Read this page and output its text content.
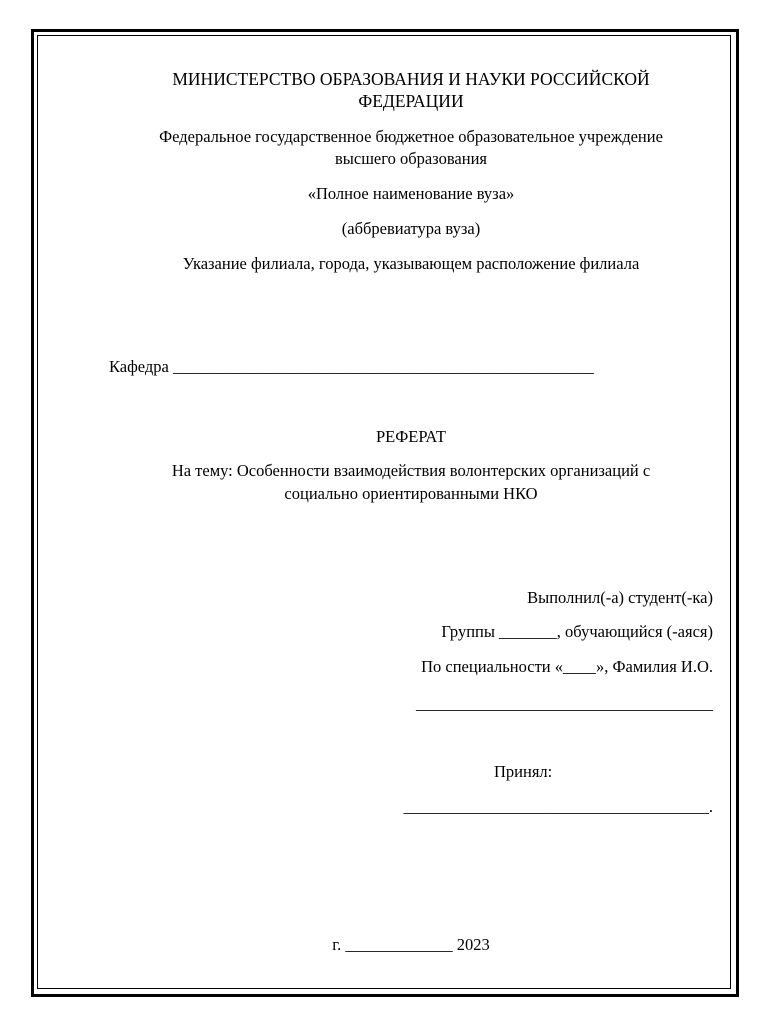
МИНИСТЕРСТВО ОБРАЗОВАНИЯ И НАУКИ РОССИЙСКОЙ
ФЕДЕРАЦИИ
Федеральное государственное бюджетное образовательное учреждение
высшего образования
«Полное наименование вуза»
(аббревиатура вуза)
Указание филиала, города, указывающем расположение филиала
Кафедра ___________________________________________________
РЕФЕРАТ
На тему: Особенности взаимодействия волонтерских организаций с
социально ориентированными НКО
Выполнил(-а) студент(-ка)
Группы _______, обучающийся (-аяся)
По специальности «____», Фамилия И.О.
____________________________________
Принял:
_____________________________________.
г. _____________ 2023
